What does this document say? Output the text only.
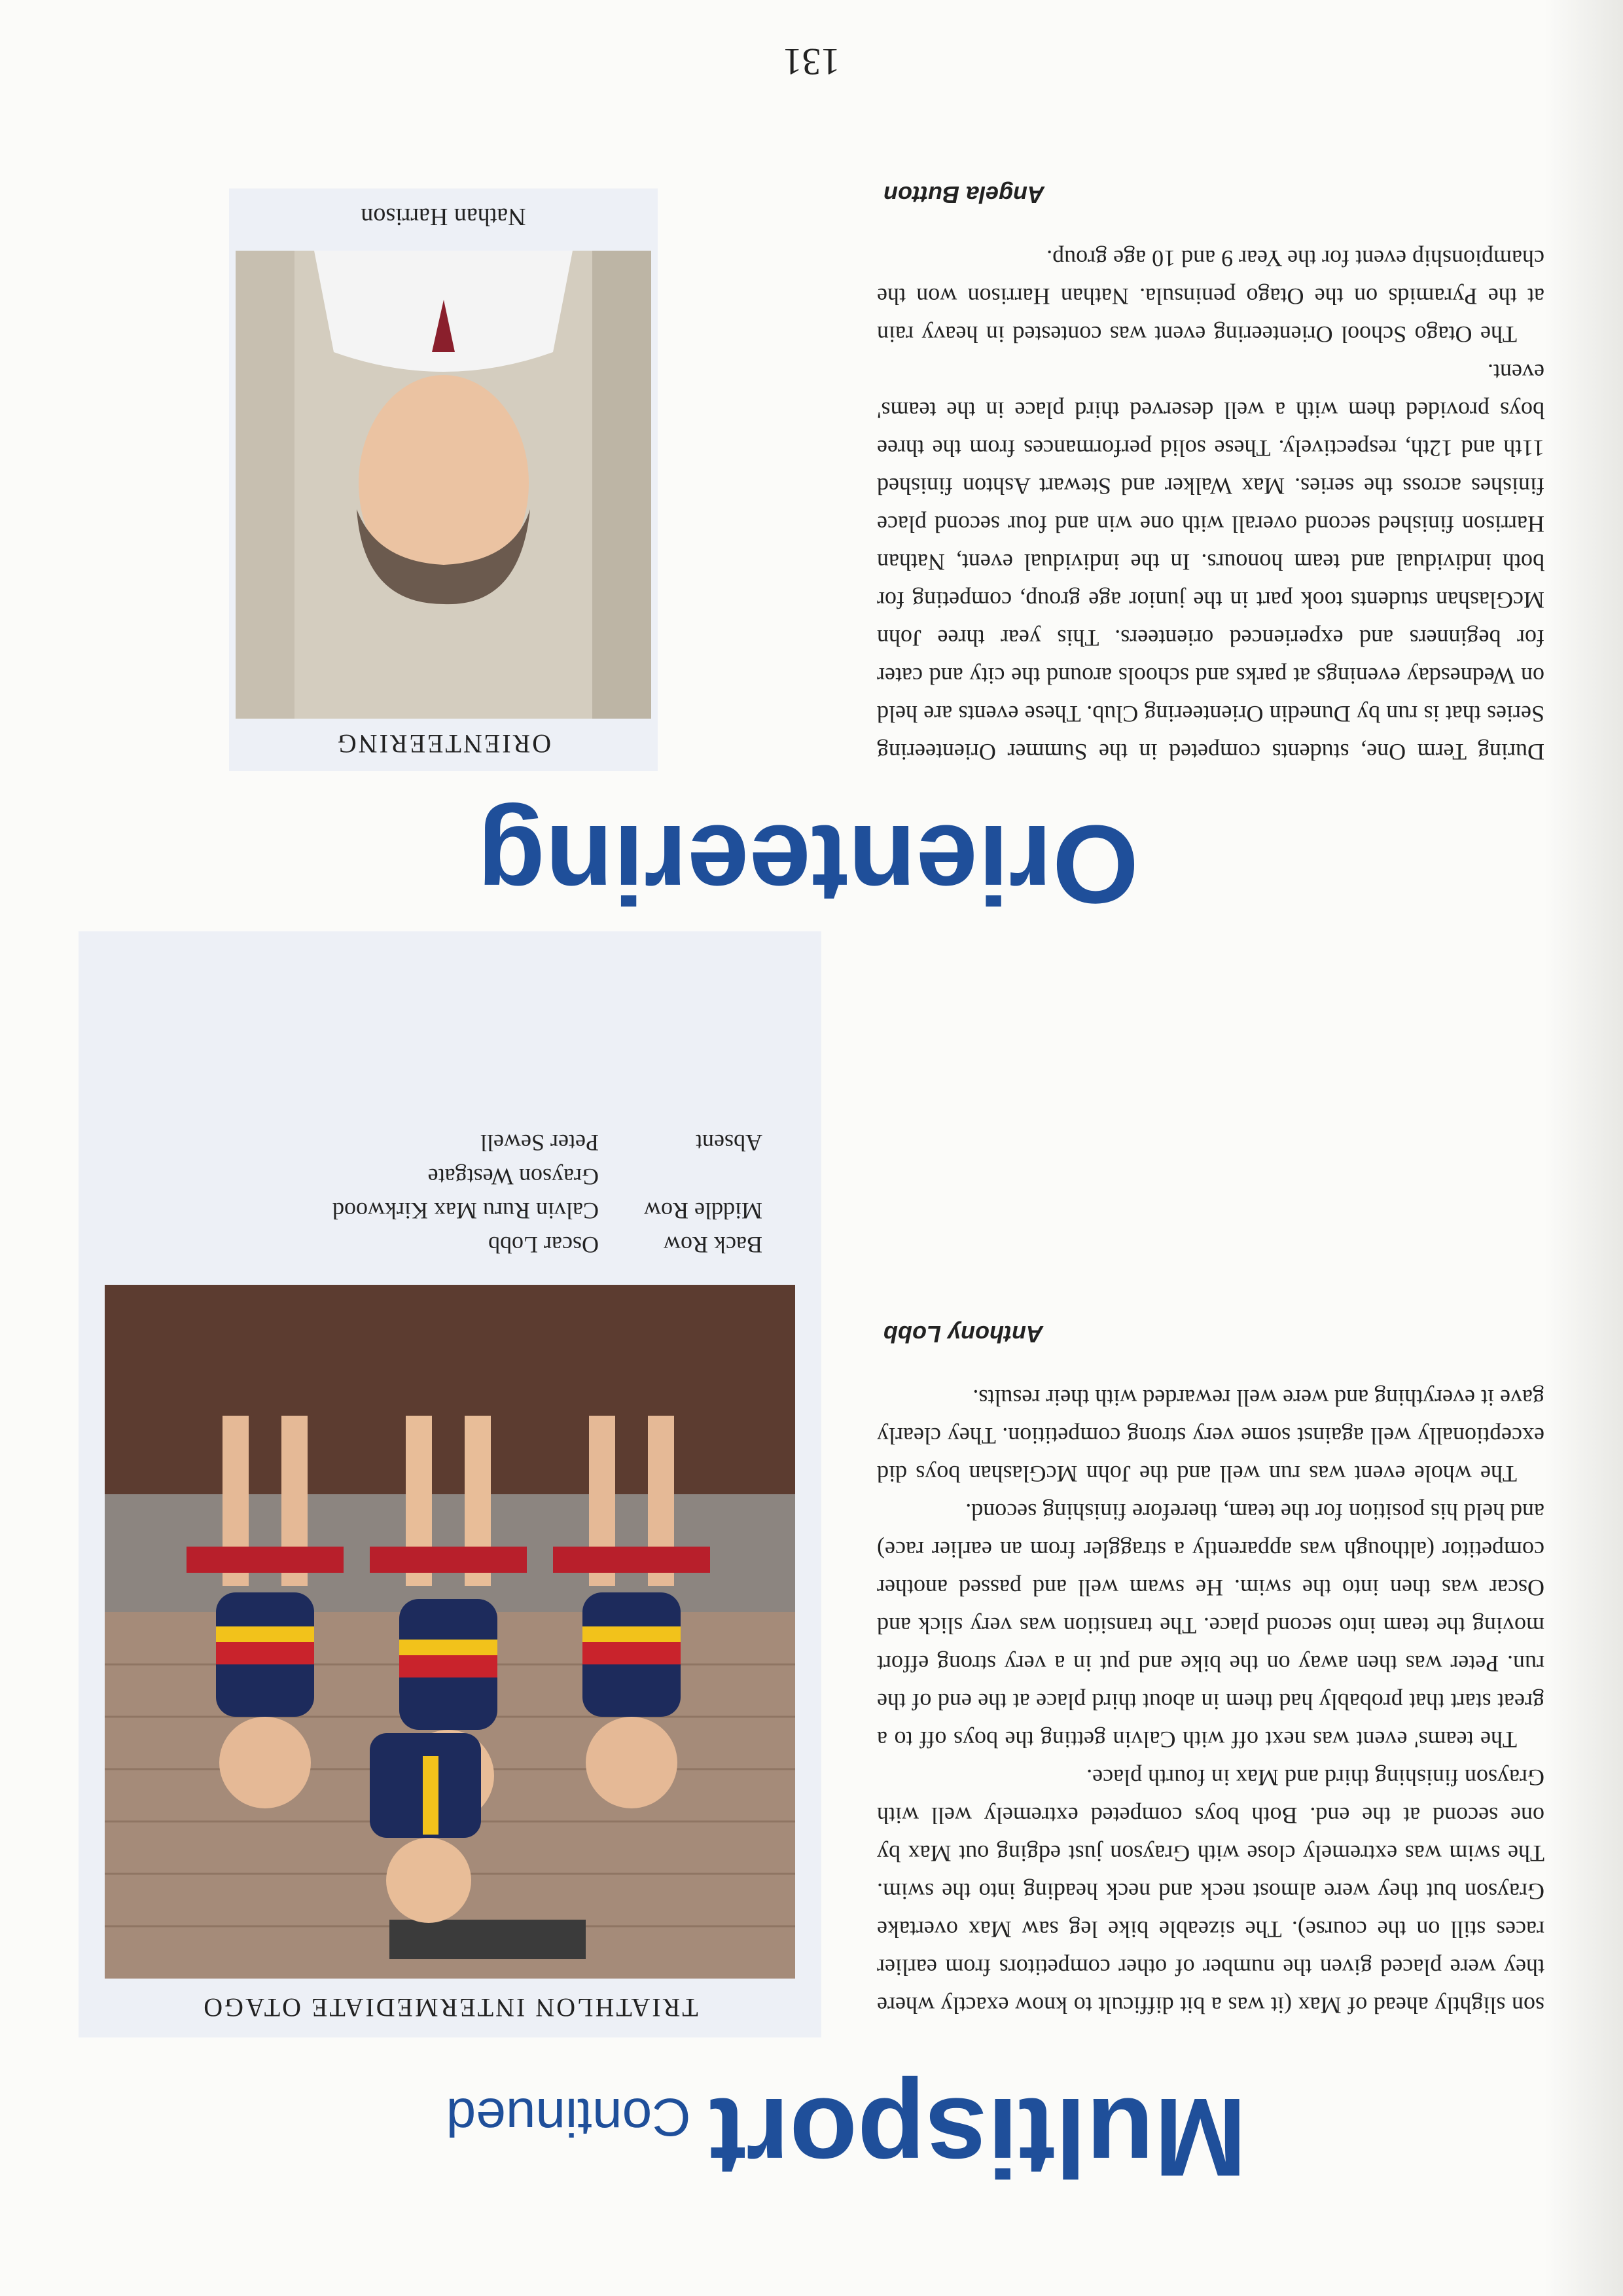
MultisportContinued

son slightly ahead of Max (it was a bit difficult to know exactly where they were placed given the number of other competitors from earlier races still on the course). The sizeable bike leg saw Max overtake Grayson but they were almost neck and neck heading into the swim. The swim was extremely close with Grayson just edging out Max by one second at the end. Both boys competed extremely well with Grayson finishing third and Max in fourth place.

The teams' event was next off with Calvin getting the boys off to a great start that probably had them in about third place at the end of the run. Peter was then away on the bike and put in a very strong effort moving the team into second place. The transition was very slick and Oscar was then into the swim. He swam well and passed another competitor (although was apparently a straggler from an earlier race) and held his position for the team, therefore finishing second.

The whole event was run well and the John McGlashan boys did exceptionally well against some very strong competition. They clearly gave it everything and were well rewarded with their results.

Anthony Lobb

TRIATHLON INTERMEDIATE OTAGO
Back Row
Oscar Lobb
Middle Row
Calvin Ruru Max Kirkwood
Grayson Westgate
Absent
Peter Sewell
Orienteering

During Term One, students competed in the Summer Orienteering Series that is run by Dunedin Orienteering Club. These events are held on Wednesday evenings at parks and schools around the city and cater for beginners and experienced orienteers. This year three John McGlashan students took part in the junior age group, competing for both individual and team honours. In the individual event, Nathan Harrison finished second overall with one win and four second place finishes across the series. Max Walker and Stewart Ashton finished 11th and 12th, respectively. These solid performances from the three boys provided them with a well deserved third place in the teams' event.

The Otago School Orienteering event was contested in heavy rain at the Pyramids on the Otago peninsula. Nathan Harrison won the championship event for the Year 9 and 10 age group.

Angela Button

ORIENTEERING
Nathan Harrison
131
